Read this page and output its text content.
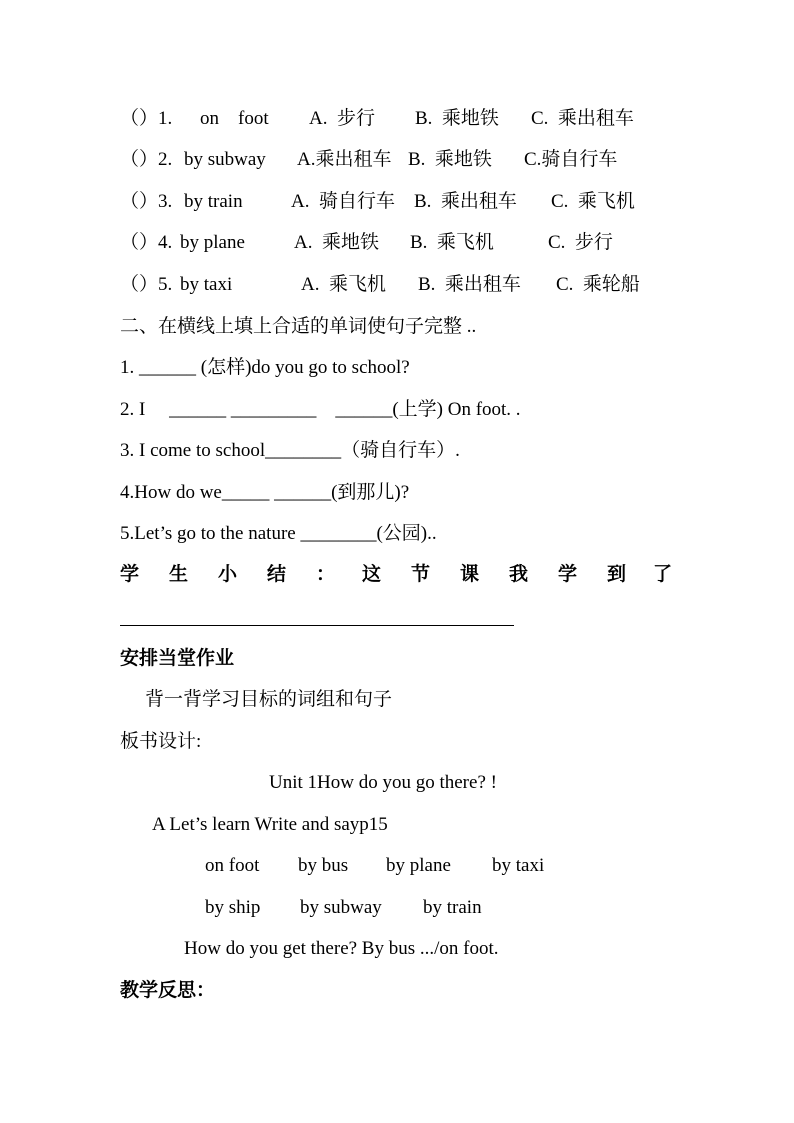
（）1. on    foot A.  步行 B.  乘地铁 C.  乘出租车
（）2. by subway A.乘出租车 B.  乘地铁 C.骑自行车
（）3. by train	A.  骑自行车 B.  乘出租车 C.  乘飞机
（）4. by plane	A.  乘地铁 B.  乘飞机	C.  步行
（）5. by taxi	A.  乘飞机 B.  乘出租车 C.  乘轮船
二、在横线上填上合适的单词使句子完整 ..
1. ______ (怎样)do you go to school?
2. I     ______ _________    ______(上学) On foot. .
3. I come to school________（骑自行车）.
4.How do we_____ ______(到那儿)?
5.Let’s go to the nature ________(公园)..
学 生 小 结 ： 这 节 课 我 学 到 了
安排当堂作业
背一背学习目标的词组和句子
板书设计:
Unit 1How do you go there? !
A Let’s learn Write and sayp15
on foot by bus by plane by taxi
by ship by subway by train
How do you get there? By bus .../on foot.
教学反思：
